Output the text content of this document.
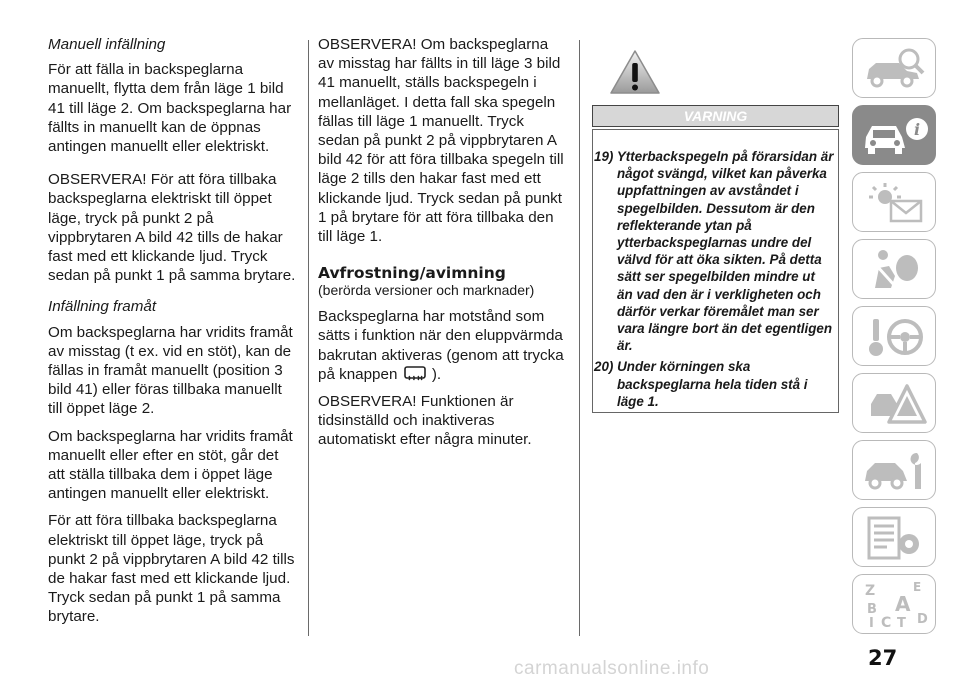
Manuell infällning

För att fälla in backspeglarna manuellt, flytta dem från läge 1 bild 41 till läge 2. Om backspeglarna har fällts in manuellt kan de öppnas antingen manuellt eller elektriskt.

OBSERVERA! För att föra tillbaka backspeglarna elektriskt till öppet läge, tryck på punkt 2 på vippbrytaren A bild 42 tills de hakar fast med ett klickande ljud. Tryck sedan på punkt 1 på samma brytare.

Infällning framåt

Om backspeglarna har vridits framåt av misstag (t ex. vid en stöt), kan de fällas in framåt manuellt (position 3 bild 41) eller föras tillbaka manuellt till öppet läge 2.

Om backspeglarna har vridits framåt manuellt eller efter en stöt, går det att ställa tillbaka dem i öppet läge antingen manuellt eller elektriskt.

För att föra tillbaka backspeglarna elektriskt till öppet läge, tryck på punkt 2 på vippbrytaren A bild 42 tills de hakar fast med ett klickande ljud. Tryck sedan på punkt 1 på samma brytare.

OBSERVERA! Om backspeglarna av misstag har fällts in till läge 3 bild 41 manuellt, ställs backspegeln i mellanläget. I detta fall ska spegeln fällas till läge 1 manuellt. Tryck sedan på punkt 2 på vippbrytaren A bild 42 för att föra tillbaka spegeln till läge 2 tills den hakar fast med ett klickande ljud. Tryck sedan på punkt 1 på brytare för att föra tillbaka den till läge 1.

Avfrostning/avimning
(berörda versioner och marknader)

Backspeglarna har motstånd som sätts i funktion när den eluppvärmda bakrutan aktiveras (genom att trycka på knappen ).

OBSERVERA! Funktionen är tidsinställd och inaktiveras automatiskt efter några minuter.

VARNING

19) Ytterbackspegeln på förarsidan är något svängd, vilket kan påverka uppfattningen av avståndet i spegelbilden. Dessutom är den reflekterande ytan på ytterbackspeglarnas undre del välvd för att öka sikten. På detta sätt ser spegelbilden mindre ut än vad den är i verkligheten och därför verkar föremålet man ser vara längre bort än det egentligen är.

20) Under körningen ska backspeglarna hela tiden stå i läge 1.

i
Z	E
A
B
C D
I T
27
carmanualsonline.info
